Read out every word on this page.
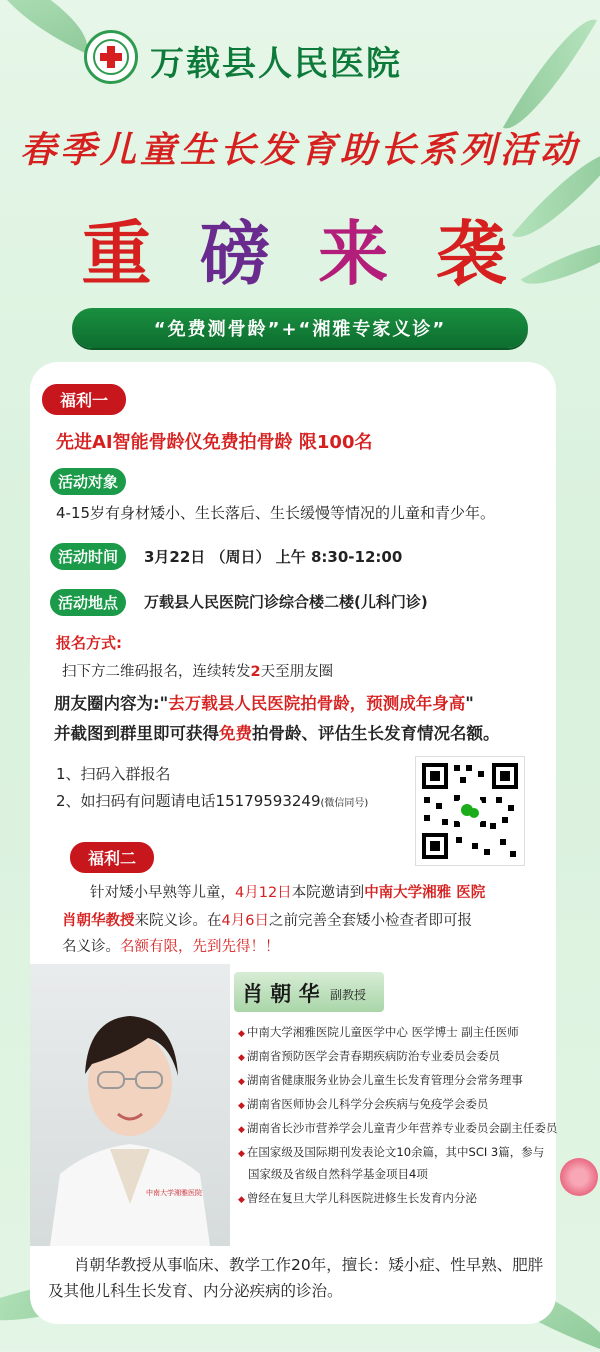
万载县人民医院
春季儿童生长发育助长系列活动
重 磅 来 袭
“免费测骨龄”+“湘雅专家义诊”
福利一
先进AI智能骨龄仪免费拍骨龄 限100名
活动对象
4-15岁有身材矮小、生长落后、生长缓慢等情况的儿童和青少年。
活动时间	3月22日 （周日） 上午 8:30-12:00
活动地点	万载县人民医院门诊综合楼二楼(儿科门诊)
报名方式:
扫下方二维码报名，连续转发2天至朋友圈
朋友圈内容为:"去万载县人民医院拍骨龄，预测成年身高"
并截图到群里即可获得免费拍骨龄、评估生长发育情况名额。
1、扫码入群报名
2、如扫码有问题请电话15179593249(微信同号)
福利二
针对矮小早熟等儿童，4月12日本院邀请到中南大学湘雅 医院
肖朝华教授来院义诊。在4月6日之前完善全套矮小检查者即可报
名义诊。名额有限，先到先得！！
中南大学湘雅医院
肖 朝 华 副教授
◆ 中南大学湘雅医院儿童医学中心 医学博士 副主任医师
◆ 湖南省预防医学会青春期疾病防治专业委员会委员
◆ 湖南省健康服务业协会儿童生长发育管理分会常务理事
◆ 湖南省医师协会儿科学分会疾病与免疫学会委员
◆ 湖南省长沙市营养学会儿童青少年营养专业委员会副主任委员
◆ 在国家级及国际期刊发表论文10余篇，其中SCI 3篇，参与
国家级及省级自然科学基金项目4项
◆ 曾经在复旦大学儿科医院进修生长发育内分泌
肖朝华教授从事临床、教学工作20年，擅长：矮小症、性早熟、肥胖
及其他儿科生长发育、内分泌疾病的诊治。
